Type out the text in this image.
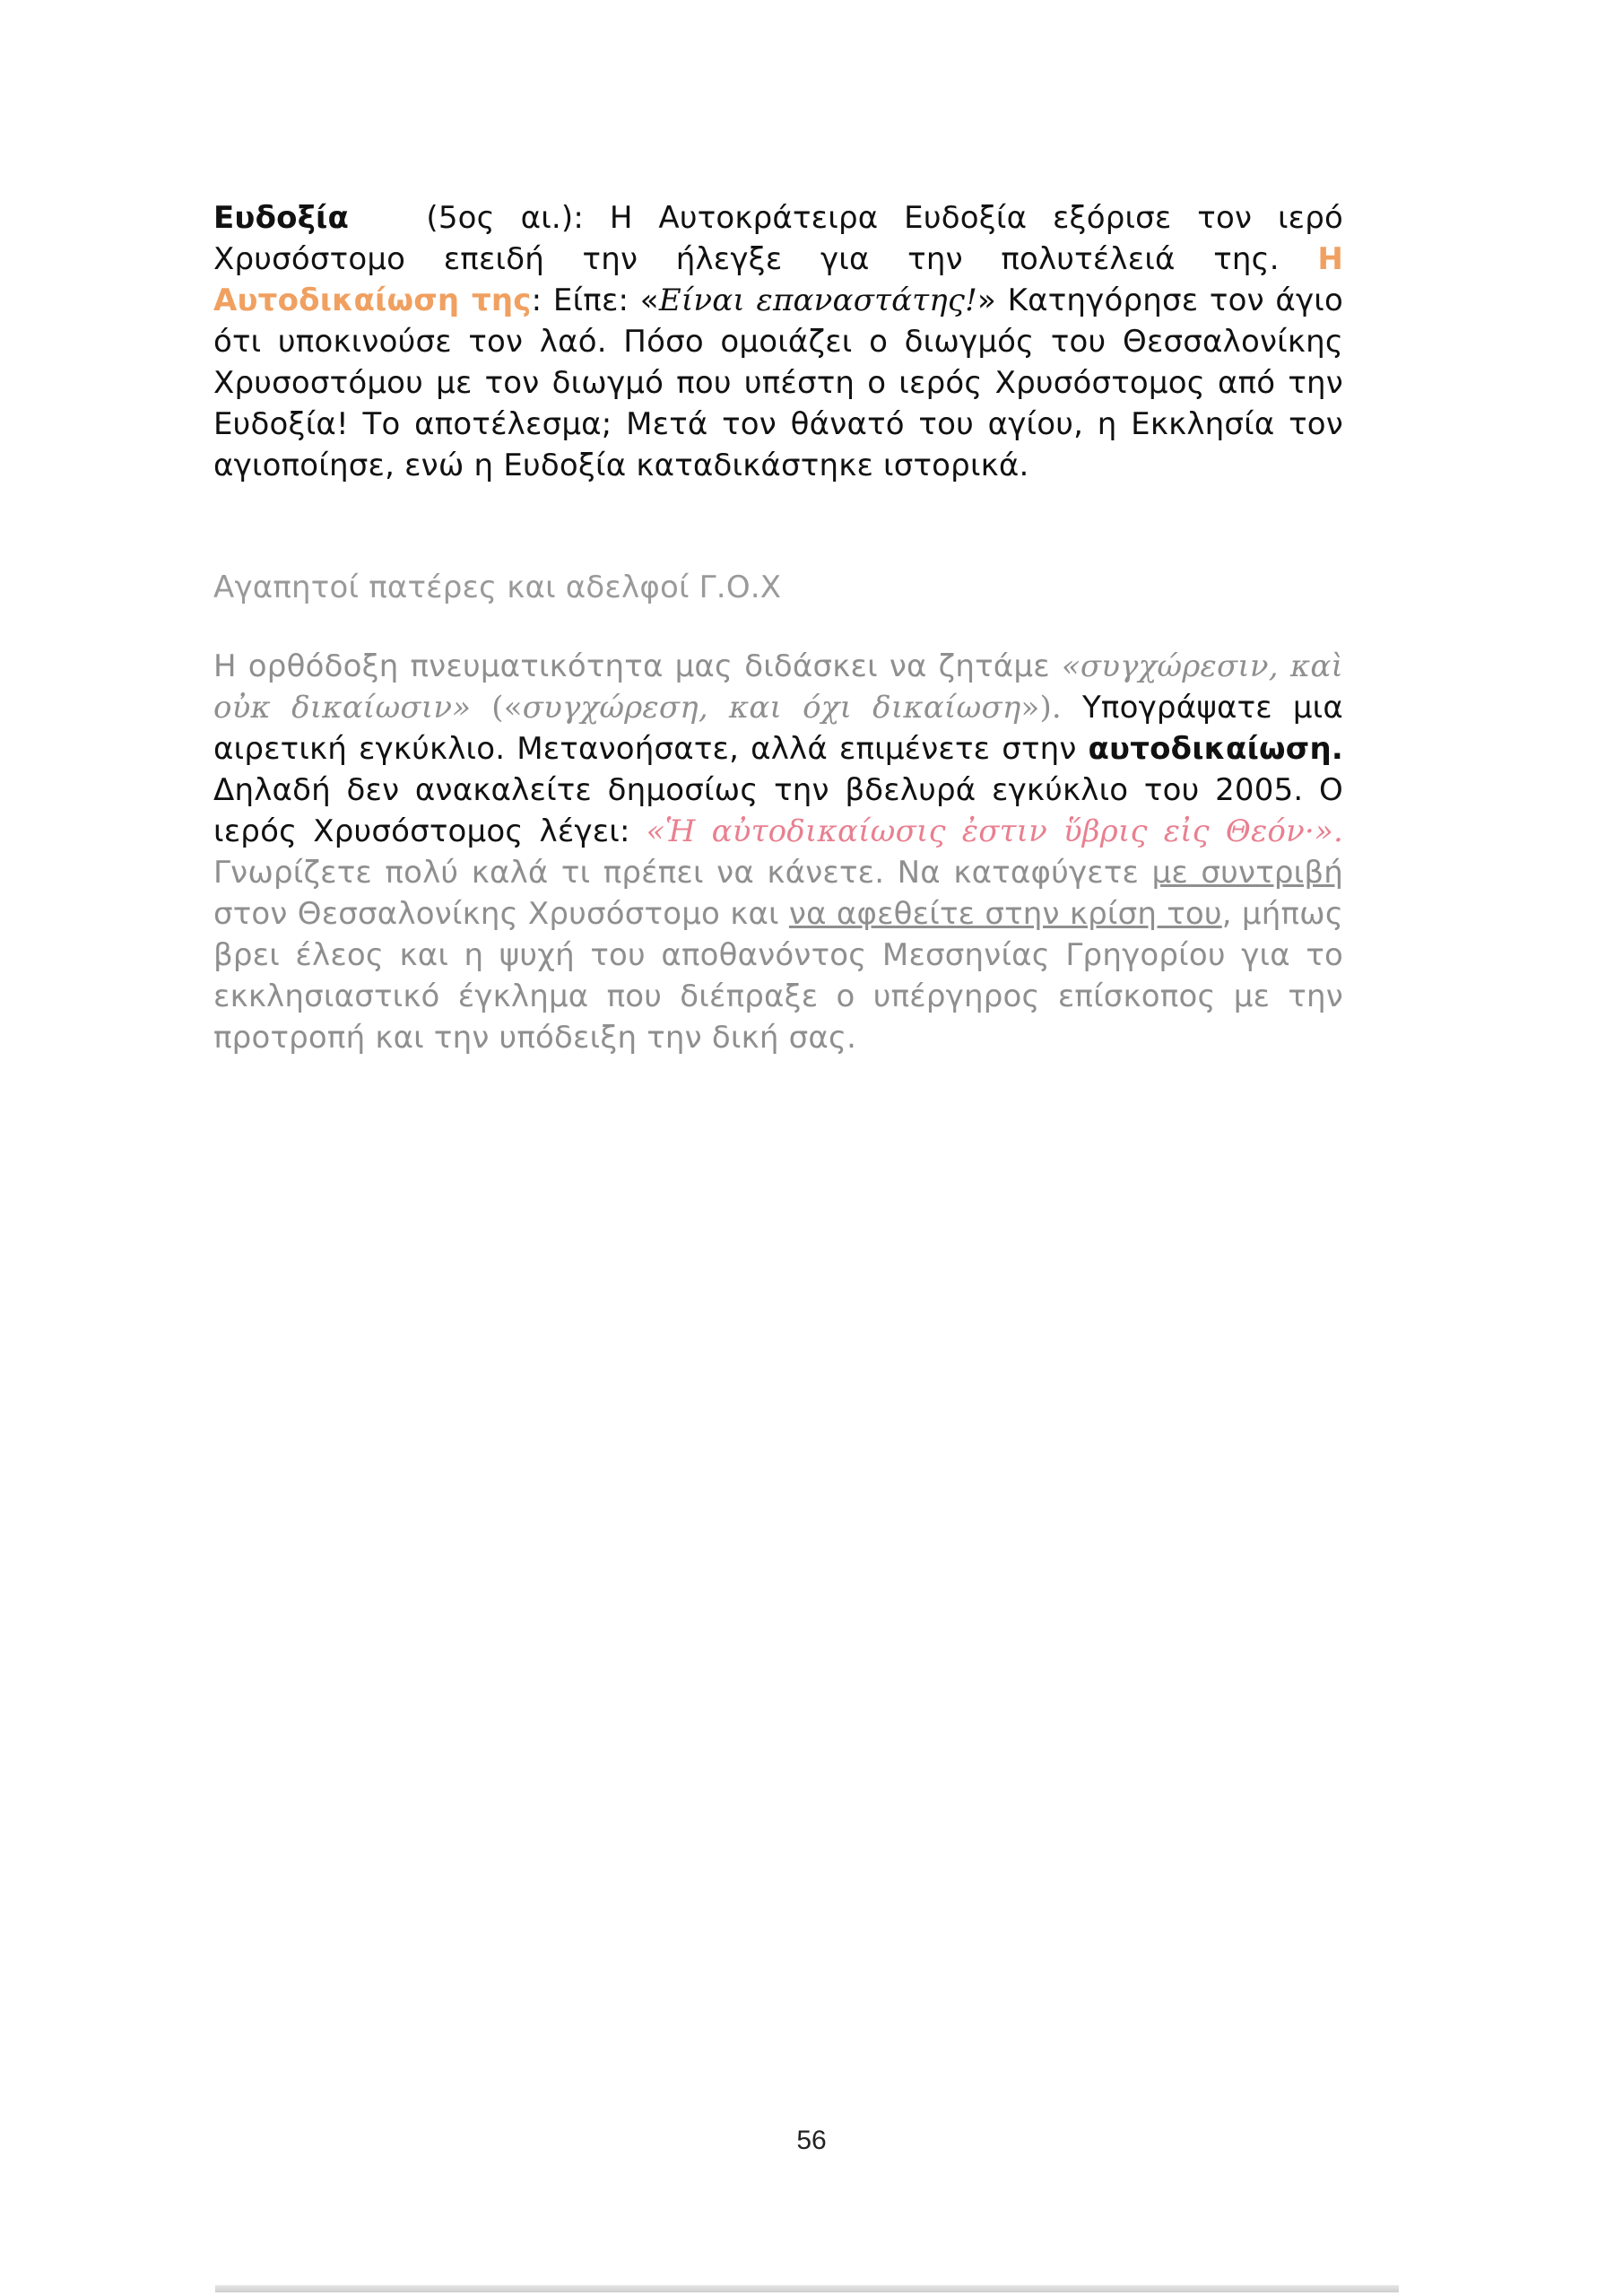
Ευδοξία	(5ος αι.): Η Αυτοκράτειρα Ευδοξία εξόρισε τον ιερό Χρυσόστομο επειδή την ήλεγξε για την πολυτέλειά της. Η Αυτοδικαίωση της: Είπε: «Είναι επαναστάτης!» Κατηγόρησε τον άγιο ότι υποκινούσε τον λαό. Πόσο ομοιάζει ο διωγμός του Θεσσαλονίκης Χρυσοστόμου με τον διωγμό που υπέστη ο ιερός Χρυσόστομος από την Ευδοξία! Το αποτέλεσμα; Μετά τον θάνατό του αγίου, η Εκκλησία τον αγιοποίησε, ενώ η Ευδοξία καταδικάστηκε ιστορικά.
Αγαπητοί πατέρες και αδελφοί Γ.Ο.Χ
Η ορθόδοξη πνευματικότητα μας διδάσκει να ζητάμε «συγχώρεσιν, καὶ οὐκ δικαίωσιν» («συγχώρεση, και όχι δικαίωση»). Υπογράψατε μια αιρετική εγκύκλιο. Μετανοήσατε, αλλά επιμένετε στην αυτοδικαίωση. Δηλαδή δεν ανακαλείτε δημοσίως την βδελυρά εγκύκλιο του 2005. Ο ιερός Χρυσόστομος λέγει: «Ἡ αὐτοδικαίωσις ἐστιν ὕβρις εἰς Θεόν·». Γνωρίζετε πολύ καλά τι πρέπει να κάνετε. Να καταφύγετε με συντριβή στον Θεσσαλονίκης Χρυσόστομο και να αφεθείτε στην κρίση του, μήπως βρει έλεος και η ψυχή του αποθανόντος Μεσσηνίας Γρηγορίου για το εκκλησιαστικό έγκλημα που διέπραξε ο υπέργηρος επίσκοπος με την προτροπή και την υπόδειξη την δική σας.
56
